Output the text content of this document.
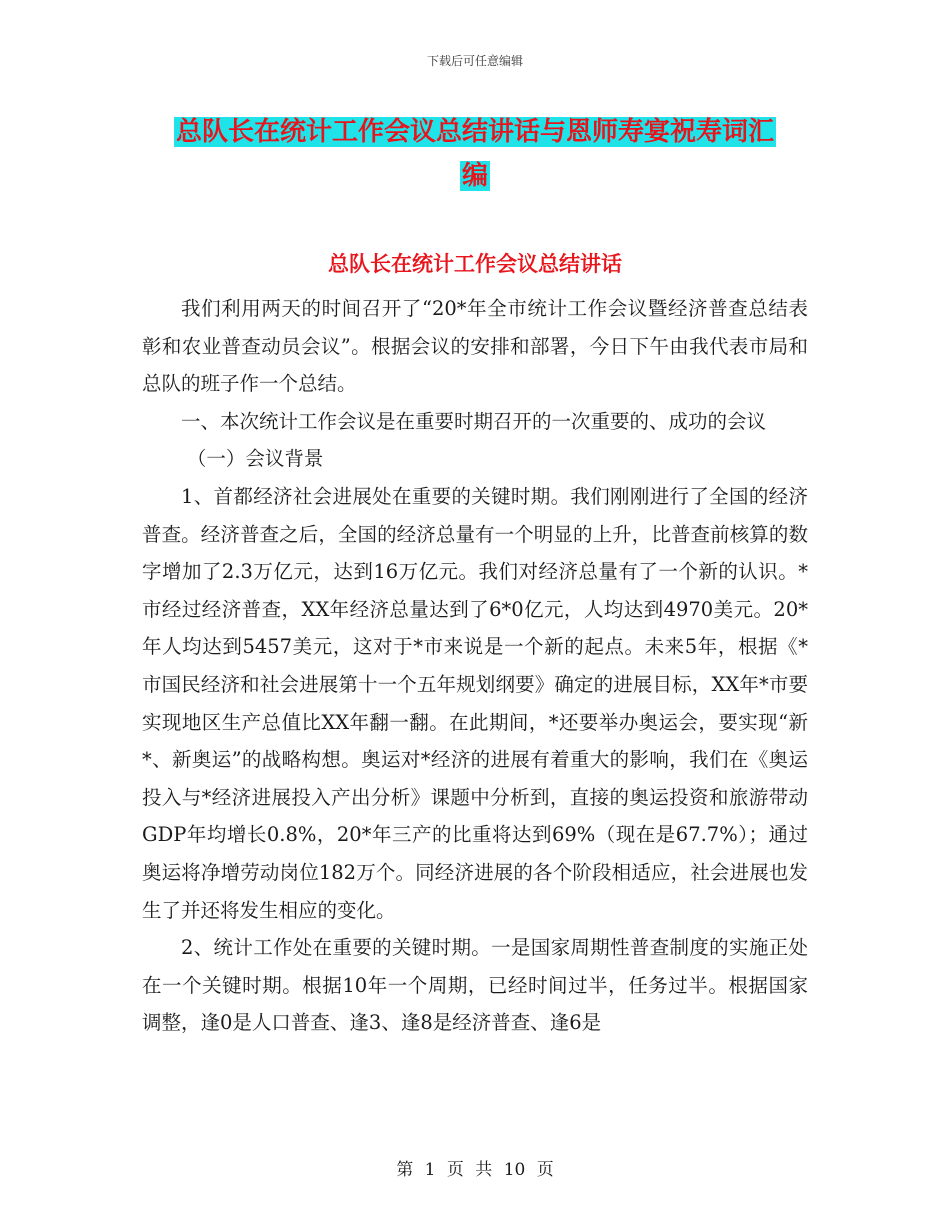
下载后可任意编辑
总队长在统计工作会议总结讲话与恩师寿宴祝寿词汇
编
总队长在统计工作会议总结讲话

我们利用两天的时间召开了“20*年全市统计工作会议暨经济普查总结表彰和农业普查动员会议”。根据会议的安排和部署，今日下午由我代表市局和总队的班子作一个总结。

一、本次统计工作会议是在重要时期召开的一次重要的、成功的会议

（一）会议背景

1、首都经济社会进展处在重要的关键时期。我们刚刚进行了全国的经济普查。经济普查之后，全国的经济总量有一个明显的上升，比普查前核算的数字增加了2.3万亿元，达到16万亿元。我们对经济总量有了一个新的认识。*市经过经济普查，XX年经济总量达到了6*0亿元，人均达到4970美元。20*年人均达到5457美元，这对于*市来说是一个新的起点。未来5年，根据《*市国民经济和社会进展第十一个五年规划纲要》确定的进展目标，XX年*市要实现地区生产总值比XX年翻一翻。在此期间，*还要举办奥运会，要实现“新*、新奥运”的战略构想。奥运对*经济的进展有着重大的影响，我们在《奥运投入与*经济进展投入产出分析》课题中分析到，直接的奥运投资和旅游带动GDP年均增长0.8%，20*年三产的比重将达到69%（现在是67.7%）；通过奥运将净增劳动岗位182万个。同经济进展的各个阶段相适应，社会进展也发生了并还将发生相应的变化。

2、统计工作处在重要的关键时期。一是国家周期性普查制度的实施正处在一个关键时期。根据10年一个周期，已经时间过半，任务过半。根据国家调整，逢0是人口普查、逢3、逢8是经济普查、逢6是

第 1 页 共 10 页
